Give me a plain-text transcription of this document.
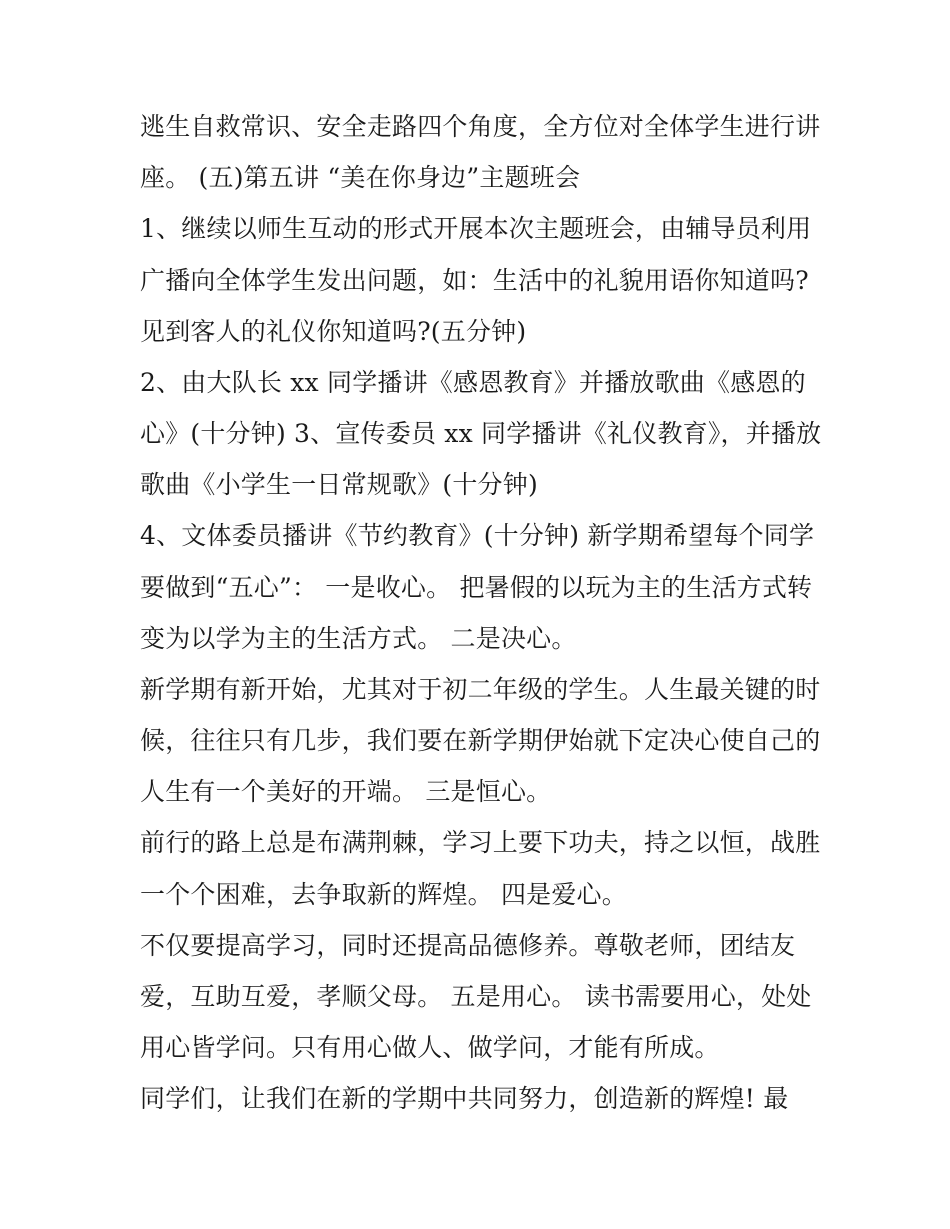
逃生自救常识、安全走路四个角度，全方位对全体学生进行讲
座。 (五)第五讲 “美在你身边”主题班会
1、继续以师生互动的形式开展本次主题班会，由辅导员利用
广播向全体学生发出问题，如：生活中的礼貌用语你知道吗?
见到客人的礼仪你知道吗?(五分钟)
2、由大队长 xx 同学播讲《感恩教育》并播放歌曲《感恩的
心》(十分钟) 3、宣传委员 xx 同学播讲《礼仪教育》，并播放
歌曲《小学生一日常规歌》(十分钟)
4、文体委员播讲《节约教育》(十分钟) 新学期希望每个同学
要做到“五心”： 一是收心。 把暑假的以玩为主的生活方式转
变为以学为主的生活方式。 二是决心。
新学期有新开始，尤其对于初二年级的学生。人生最关键的时
候，往往只有几步，我们要在新学期伊始就下定决心使自己的
人生有一个美好的开端。 三是恒心。
前行的路上总是布满荆棘，学习上要下功夫，持之以恒，战胜
一个个困难，去争取新的辉煌。 四是爱心。
不仅要提高学习，同时还提高品德修养。尊敬老师，团结友
爱，互助互爱，孝顺父母。 五是用心。 读书需要用心，处处
用心皆学问。只有用心做人、做学问，才能有所成。
同学们，让我们在新的学期中共同努力，创造新的辉煌! 最
